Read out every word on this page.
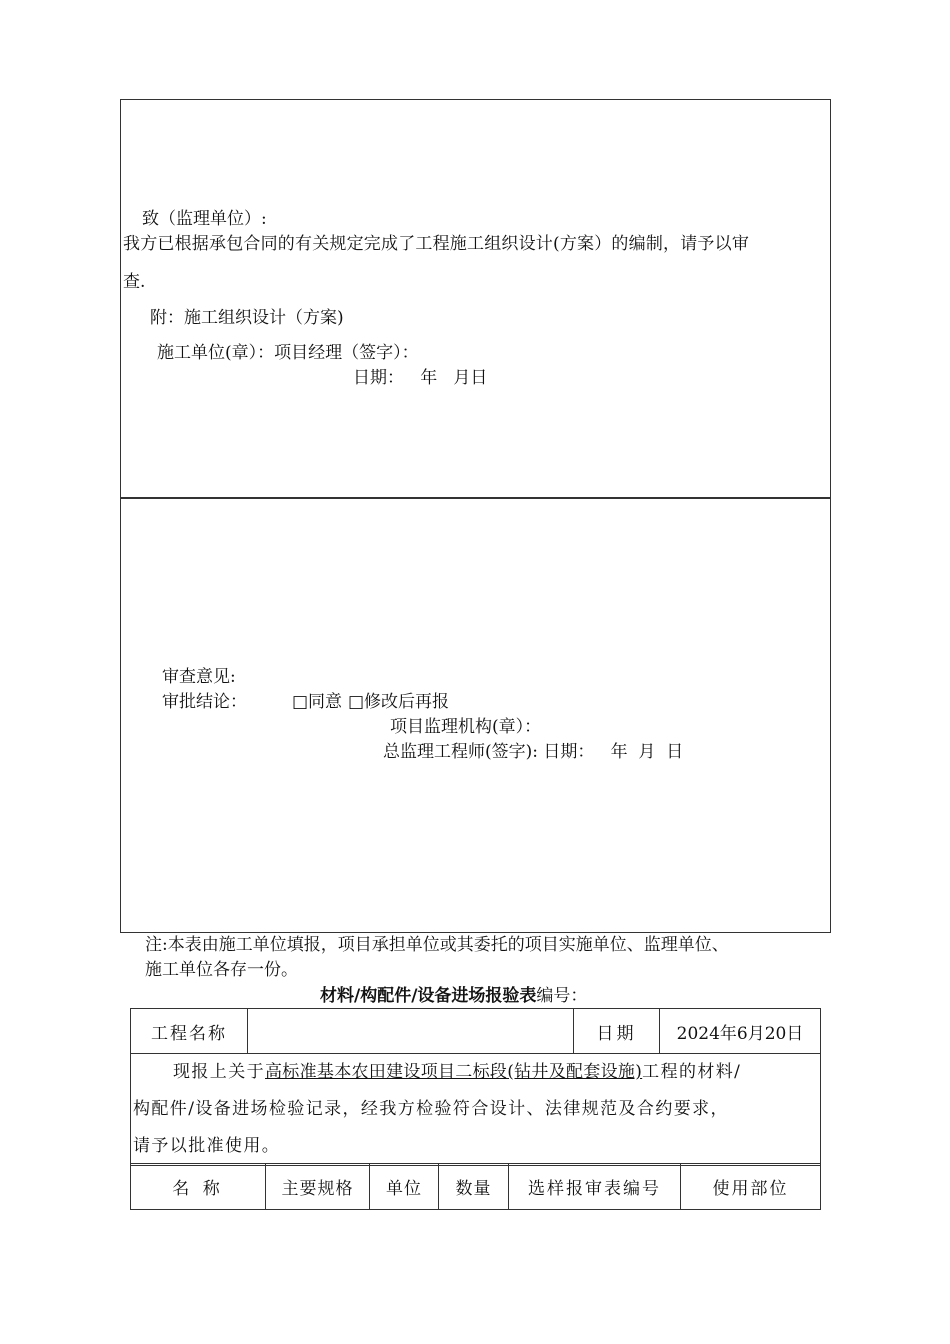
致（监理单位）:
我方已根据承包合同的有关规定完成了工程施工组织设计(方案）的编制，请予以审
查.
附：施工组织设计（方案)
施工单位(章）：项目经理（签字）：
日期：   年   月日
审查意见:
审批结论：	□同意 □修改后再报
项目监理机构(章）：
总监理工程师(签字): 日期：   年  月  日
注:本表由施工单位填报，项目承担单位或其委托的项目实施单位、监理单位、
施工单位各存一份。
材料/构配件/设备进场报验表编号：
工程名称		日期	2024年6月20日

现报上关于高标准基本农田建设项目二标段(钻井及配套设施)工程的材料/
构配件/设备进场检验记录，经我方检验符合设计、法律规范及合约要求，
请予以批准使用。
名 称	主要规格	单位	数量	选样报审表编号	使用部位
